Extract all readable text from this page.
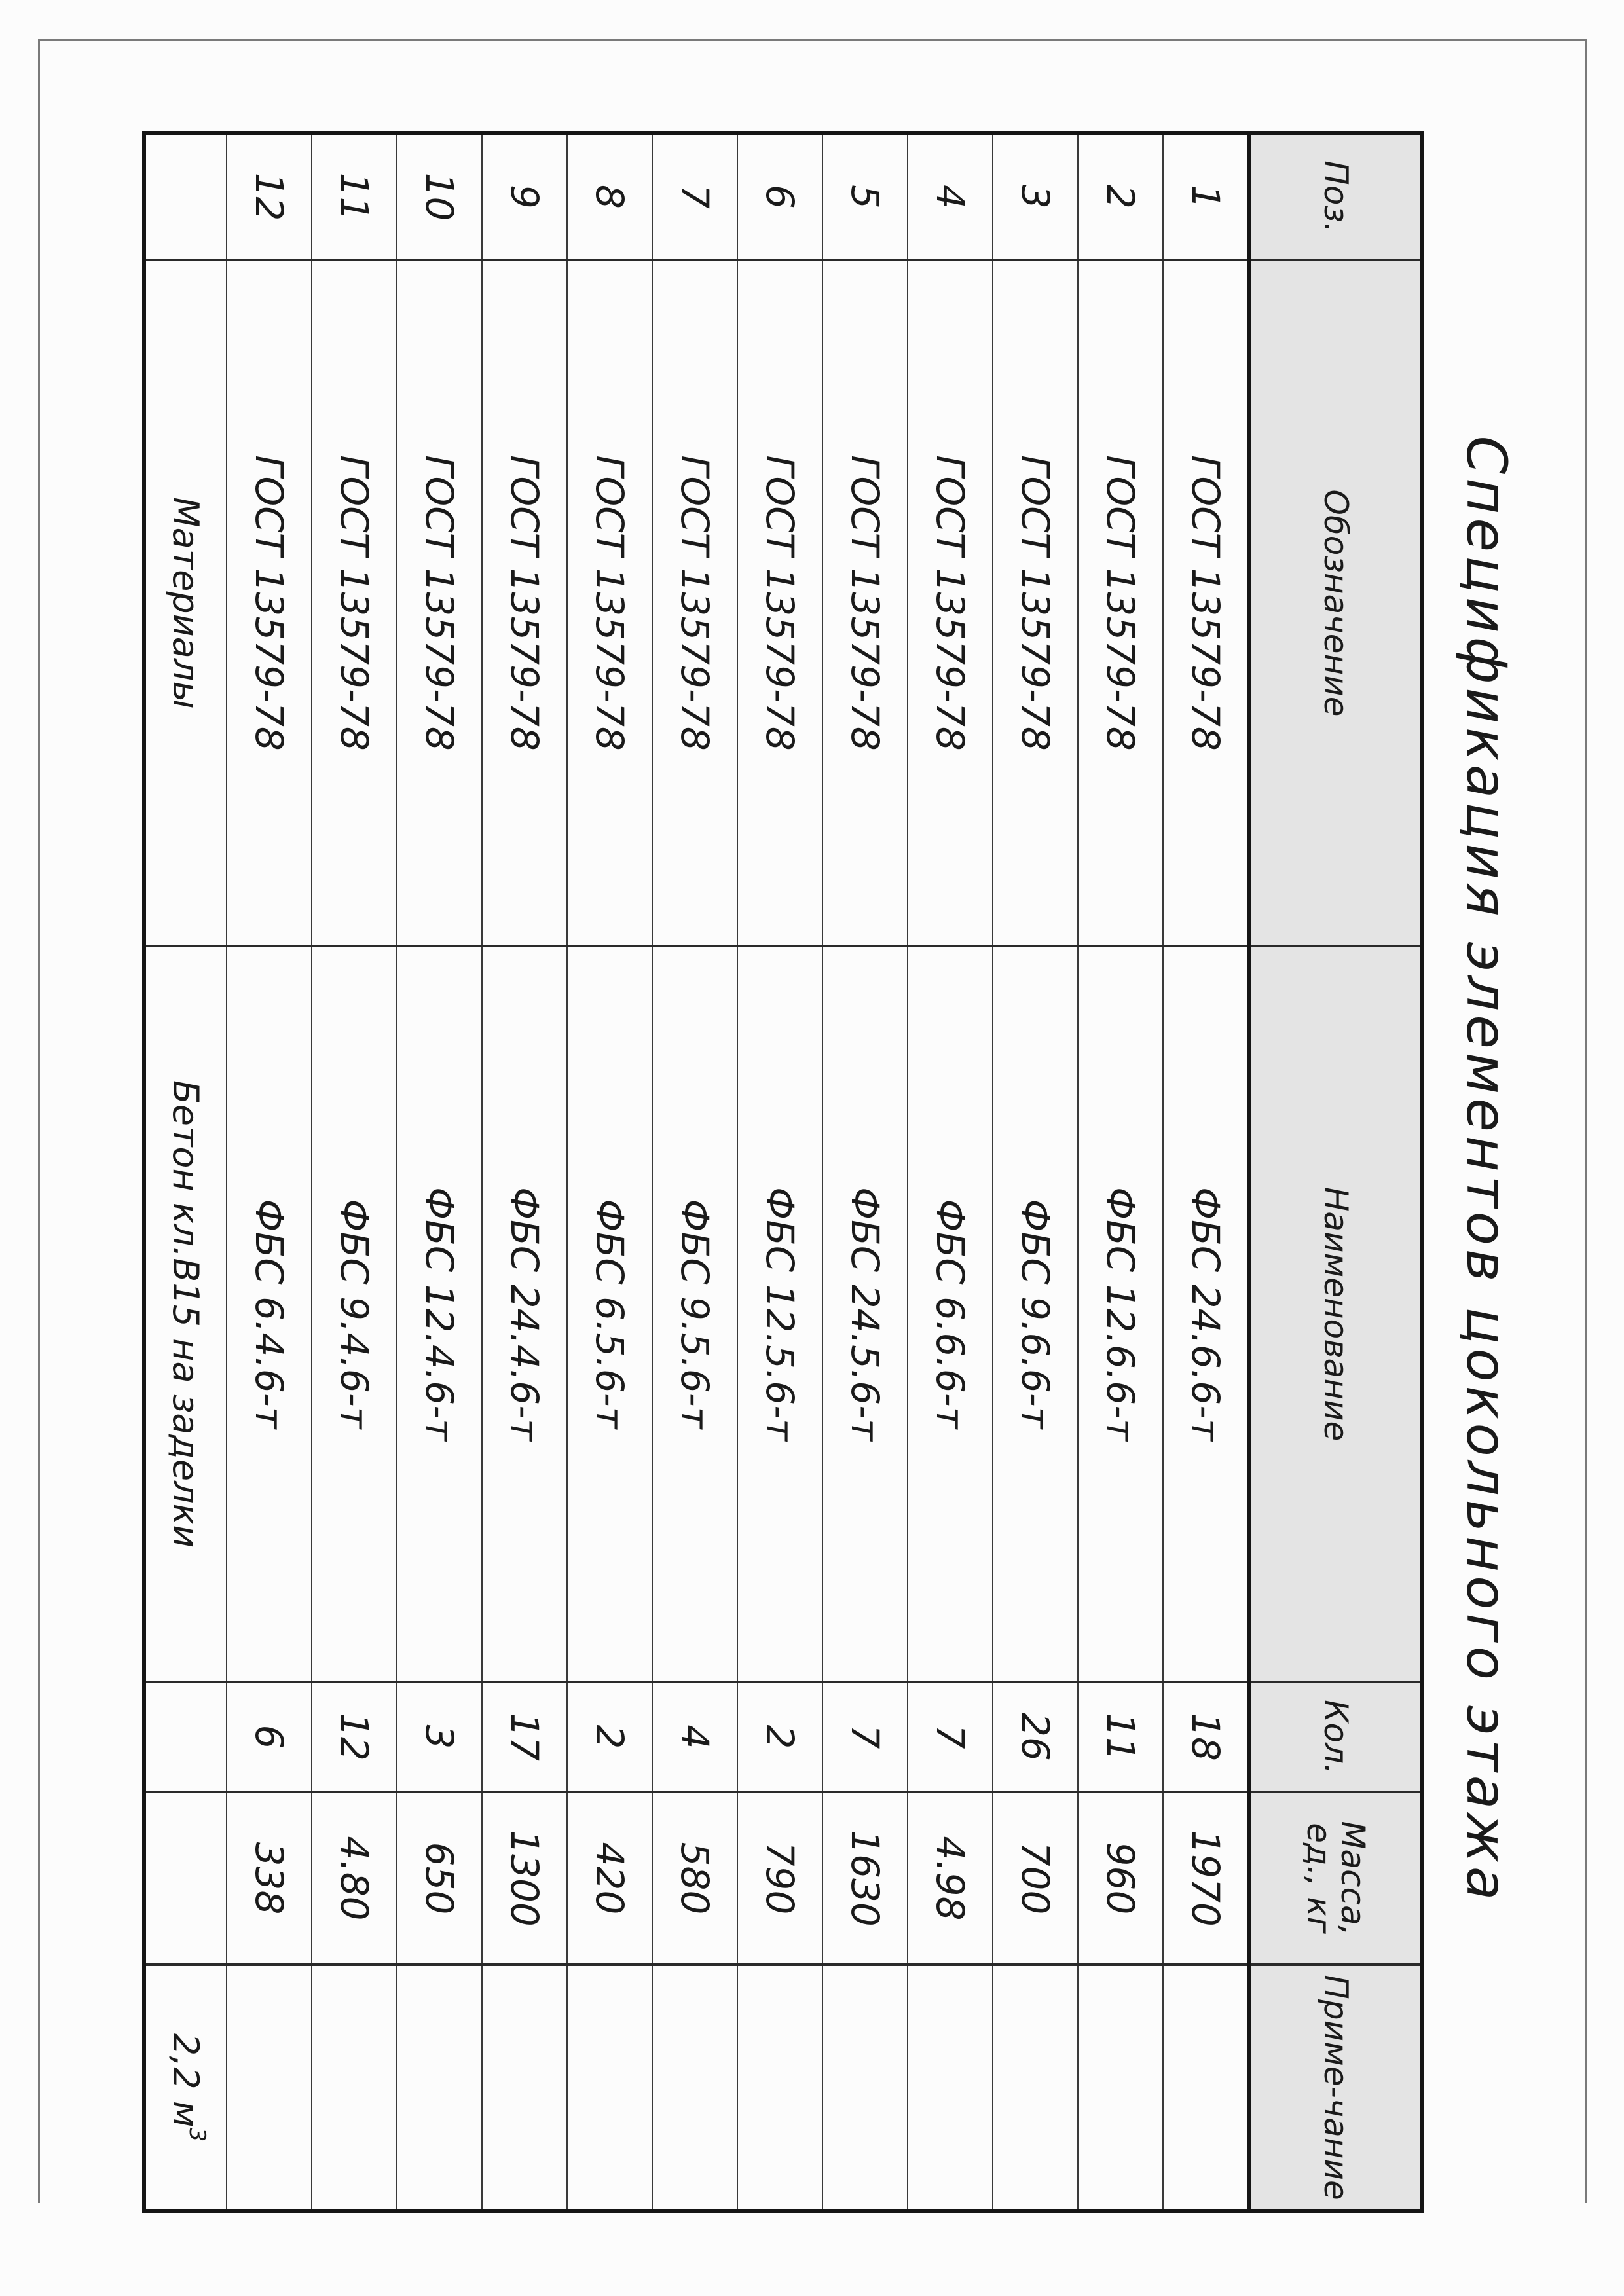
Спецификация элементов цокольного этажа
Поз.	Обозначение	Наименование	Кол.	Масса, ед., кг	Приме-чание
1	ГОСТ 13579-78	ФБС 24.6.6-т	18	1970	
2	ГОСТ 13579-78	ФБС 12.6.6-т	11	960	
3	ГОСТ 13579-78	ФБС 9.6.6-т	26	700	
4	ГОСТ 13579-78	ФБС 6.6.6-т	7	4.98	
5	ГОСТ 13579-78	ФБС 24.5.6-т	7	1630	
6	ГОСТ 13579-78	ФБС 12.5.6-т	2	790	
7	ГОСТ 13579-78	ФБС 9.5.6-т	4	580	
8	ГОСТ 13579-78	ФБС 6.5.6-т	2	420	
9	ГОСТ 13579-78	ФБС 24.4.6-т	17	1300	
10	ГОСТ 13579-78	ФБС 12.4.6-т	3	650	
11	ГОСТ 13579-78	ФБС 9.4.6-т	12	4.80	
12	ГОСТ 13579-78	ФБС 6.4.6-т	6	338	
	Материалы	Бетон кл.В15 на заделки			2,2 $м^3$
